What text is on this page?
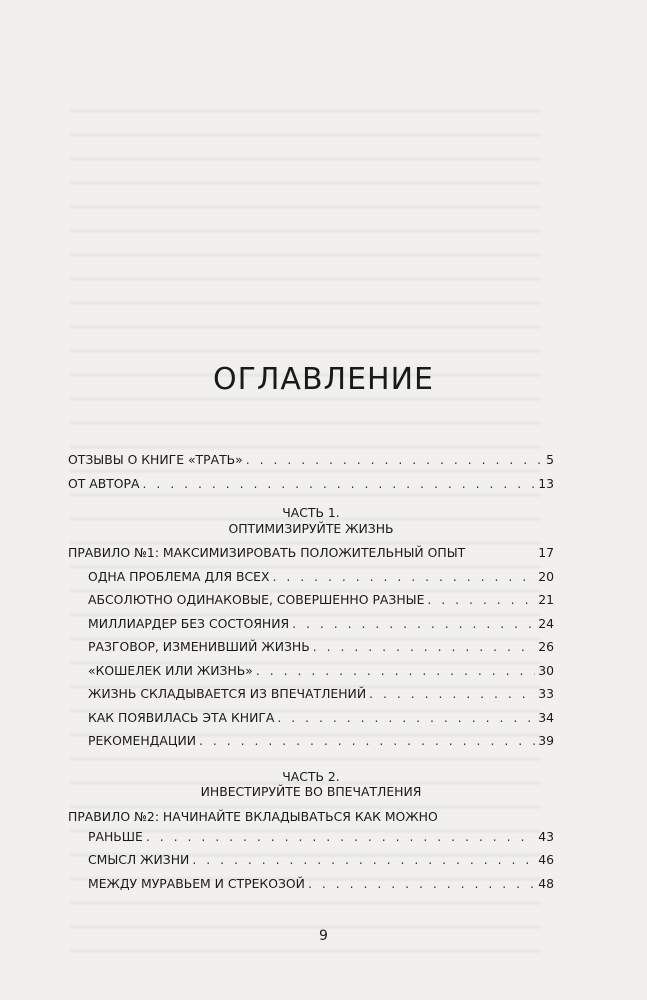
ОГЛАВЛЕНИЕ
ОТЗЫВЫ О КНИГЕ «ТРАТЬ» . . .	5
ОТ АВТОРА . . .	13
ЧАСТЬ 1.
ОПТИМИЗИРУЙТЕ ЖИЗНЬ
ПРАВИЛО №1: МАКСИМИЗИРОВАТЬ ПОЛОЖИТЕЛЬНЫЙ ОПЫТ	17
ОДНА ПРОБЛЕМА ДЛЯ ВСЕХ . . .	20
АБСОЛЮТНО ОДИНАКОВЫЕ, СОВЕРШЕННО РАЗНЫЕ . . .	21
МИЛЛИАРДЕР БЕЗ СОСТОЯНИЯ . . .	24
РАЗГОВОР, ИЗМЕНИВШИЙ ЖИЗНЬ . . .	26
«КОШЕЛЕК ИЛИ ЖИЗНЬ» . . .	30
ЖИЗНЬ СКЛАДЫВАЕТСЯ ИЗ ВПЕЧАТЛЕНИЙ . . .	33
КАК ПОЯВИЛАСЬ ЭТА КНИГА . . .	34
РЕКОМЕНДАЦИИ . . .	39
ЧАСТЬ 2.
ИНВЕСТИРУЙТЕ ВО ВПЕЧАТЛЕНИЯ
ПРАВИЛО №2: НАЧИНАЙТЕ ВКЛАДЫВАТЬСЯ КАК МОЖНО
РАНЬШЕ . . .	43
СМЫСЛ ЖИЗНИ . . .	46
МЕЖДУ МУРАВЬЕМ И СТРЕКОЗОЙ . . .	48
9
